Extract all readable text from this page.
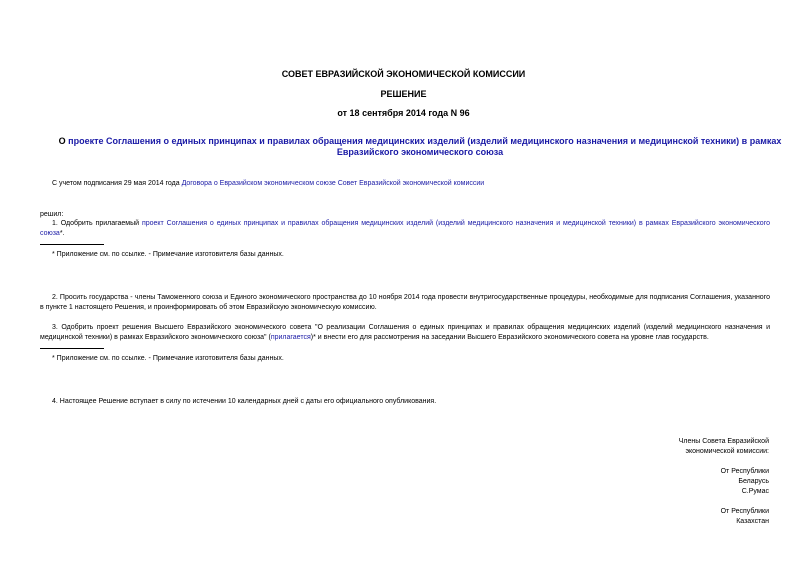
СОВЕТ ЕВРАЗИЙСКОЙ ЭКОНОМИЧЕСКОЙ КОМИССИИ
РЕШЕНИЕ
от 18 сентября 2014 года N 96
О проекте Соглашения о единых принципах и правилах обращения медицинских изделий (изделий медицинского назначения и медицинской техники) в рамках Евразийского экономического союза
С учетом подписания 29 мая 2014 года Договора о Евразийском экономическом союзе Совет Евразийской экономической комиссии
решил:
1. Одобрить прилагаемый проект Соглашения о единых принципах и правилах обращения медицинских изделий (изделий медицинского назначения и медицинской техники) в рамках Евразийского экономического союза*.
* Приложение см. по ссылке. - Примечание изготовителя базы данных.
2. Просить государства - члены Таможенного союза и Единого экономического пространства до 10 ноября 2014 года провести внутригосударственные процедуры, необходимые для подписания Соглашения, указанного в пункте 1 настоящего Решения, и проинформировать об этом Евразийскую экономическую комиссию.
3. Одобрить проект решения Высшего Евразийского экономического совета "О реализации Соглашения о единых принципах и правилах обращения медицинских изделий (изделий медицинского назначения и медицинской техники) в рамках Евразийского экономического союза" (прилагается)* и внести его для рассмотрения на заседании Высшего Евразийского экономического совета на уровне глав государств.
* Приложение см. по ссылке. - Примечание изготовителя базы данных.
4. Настоящее Решение вступает в силу по истечении 10 календарных дней с даты его официального опубликования.
Члены Совета Евразийской
экономической комиссии:
От Республики
Беларусь
С.Румас
От Республики
Казахстан
